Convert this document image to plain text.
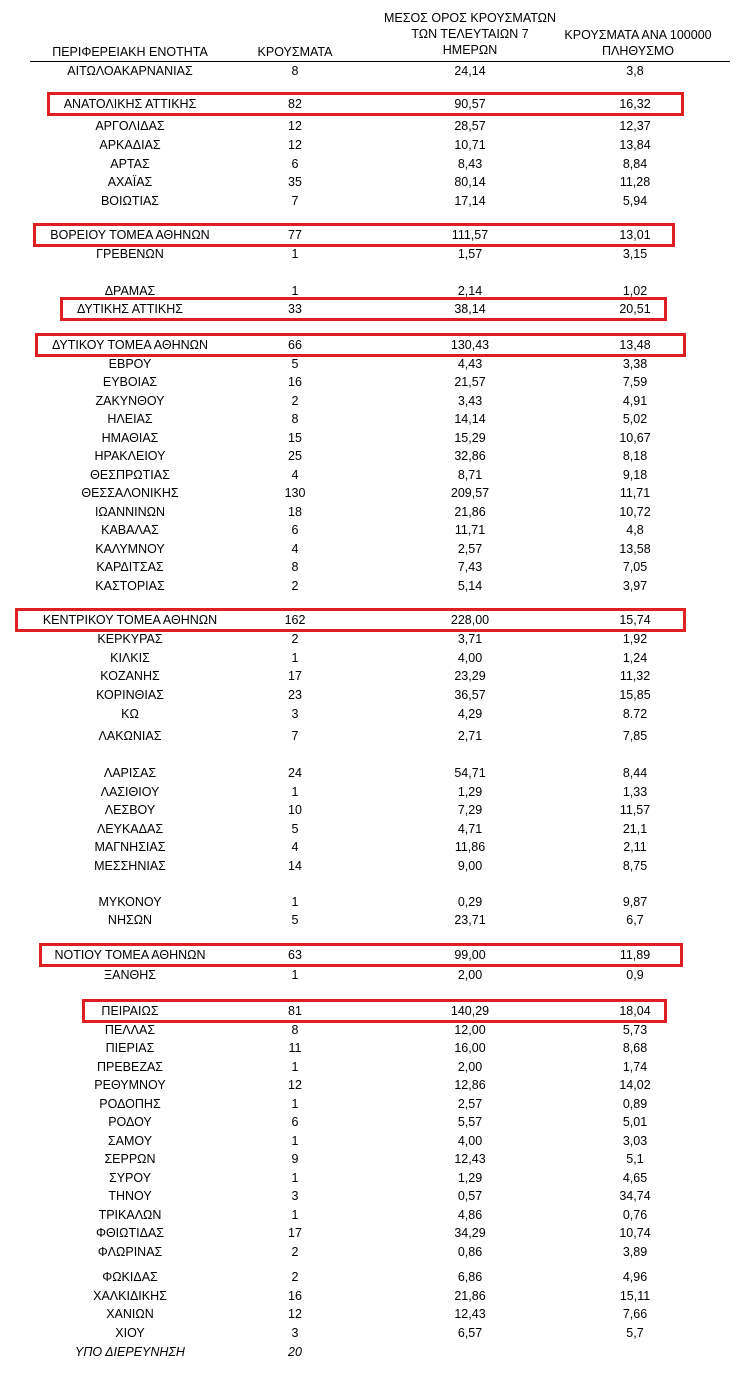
ΠΕΡΙΦΕΡΕΙΑΚΗ ΕΝΟΤΗΤΑ	ΚΡΟΥΣΜΑΤΑ
ΜΕΣΟΣ ΟΡΟΣ ΚΡΟΥΣΜΑΤΩΝ
ΤΩΝ ΤΕΛΕΥΤΑΙΩΝ 7
ΗΜΕΡΩΝ
ΚΡΟΥΣΜΑΤΑ ΑΝΑ 100000
ΠΛΗΘΥΣΜΟ
ΑΙΤΩΛΟΑΚΑΡΝΑΝΙΑΣ	8	24,14	3,8
ΑΝΑΤΟΛΙΚΗΣ ΑΤΤΙΚΗΣ	82	90,57	16,32
ΑΡΓΟΛΙΔΑΣ	12	28,57	12,37
ΑΡΚΑΔΙΑΣ	12	10,71	13,84
ΑΡΤΑΣ	6	8,43	8,84
ΑΧΑΪΑΣ	35	80,14	11,28
ΒΟΙΩΤΙΑΣ	7	17,14	5,94
ΒΟΡΕΙΟΥ ΤΟΜΕΑ ΑΘΗΝΩΝ	77	111,57	13,01
ΓΡΕΒΕΝΩΝ	1	1,57	3,15
ΔΡΑΜΑΣ	1	2,14	1,02
ΔΥΤΙΚΗΣ ΑΤΤΙΚΗΣ	33	38,14	20,51
ΔΥΤΙΚΟΥ ΤΟΜΕΑ ΑΘΗΝΩΝ	66	130,43	13,48
ΕΒΡΟΥ	5	4,43	3,38
ΕΥΒΟΙΑΣ	16	21,57	7,59
ΖΑΚΥΝΘΟΥ	2	3,43	4,91
ΗΛΕΙΑΣ	8	14,14	5,02
ΗΜΑΘΙΑΣ	15	15,29	10,67
ΗΡΑΚΛΕΙΟΥ	25	32,86	8,18
ΘΕΣΠΡΩΤΙΑΣ	4	8,71	9,18
ΘΕΣΣΑΛΟΝΙΚΗΣ	130	209,57	11,71
ΙΩΑΝΝΙΝΩΝ	18	21,86	10,72
ΚΑΒΑΛΑΣ	6	11,71	4,8
ΚΑΛΥΜΝΟΥ	4	2,57	13,58
ΚΑΡΔΙΤΣΑΣ	8	7,43	7,05
ΚΑΣΤΟΡΙΑΣ	2	5,14	3,97
ΚΕΝΤΡΙΚΟΥ ΤΟΜΕΑ ΑΘΗΝΩΝ	162	228,00	15,74
ΚΕΡΚΥΡΑΣ	2	3,71	1,92
ΚΙΛΚΙΣ	1	4,00	1,24
ΚΟΖΑΝΗΣ	17	23,29	11,32
ΚΟΡΙΝΘΙΑΣ	23	36,57	15,85
ΚΩ	3	4,29	8.72
ΛΑΚΩΝΙΑΣ	7	2,71	7,85
ΛΑΡΙΣΑΣ	24	54,71	8,44
ΛΑΣΙΘΙΟΥ	1	1,29	1,33
ΛΕΣΒΟΥ	10	7,29	11,57
ΛΕΥΚΑΔΑΣ	5	4,71	21,1
ΜΑΓΝΗΣΙΑΣ	4	11,86	2,11
ΜΕΣΣΗΝΙΑΣ	14	9,00	8,75
ΜΥΚΟΝΟΥ	1	0,29	9,87
ΝΗΣΩΝ	5	23,71	6,7
ΝΟΤΙΟΥ ΤΟΜΕΑ ΑΘΗΝΩΝ	63	99,00	11,89
ΞΑΝΘΗΣ	1	2,00	0,9
ΠΕΙΡΑΙΩΣ	81	140,29	18,04
ΠΕΛΛΑΣ	8	12,00	5,73
ΠΙΕΡΙΑΣ	11	16,00	8,68
ΠΡΕΒΕΖΑΣ	1	2,00	1,74
ΡΕΘΥΜΝΟΥ	12	12,86	14,02
ΡΟΔΟΠΗΣ	1	2,57	0,89
ΡΟΔΟΥ	6	5,57	5,01
ΣΑΜΟΥ	1	4,00	3,03
ΣΕΡΡΩΝ	9	12,43	5,1
ΣΥΡΟΥ	1	1,29	4,65
ΤΗΝΟΥ	3	0,57	34,74
ΤΡΙΚΑΛΩΝ	1	4,86	0,76
ΦΘΙΩΤΙΔΑΣ	17	34,29	10,74
ΦΛΩΡΙΝΑΣ	2	0,86	3,89
ΦΩΚΙΔΑΣ	2	6,86	4,96
ΧΑΛΚΙΔΙΚΗΣ	16	21,86	15,11
ΧΑΝΙΩΝ	12	12,43	7,66
ΧΙΟΥ	3	6,57	5,7
ΥΠΟ ΔΙΕΡΕΥΝΗΣΗ	20
